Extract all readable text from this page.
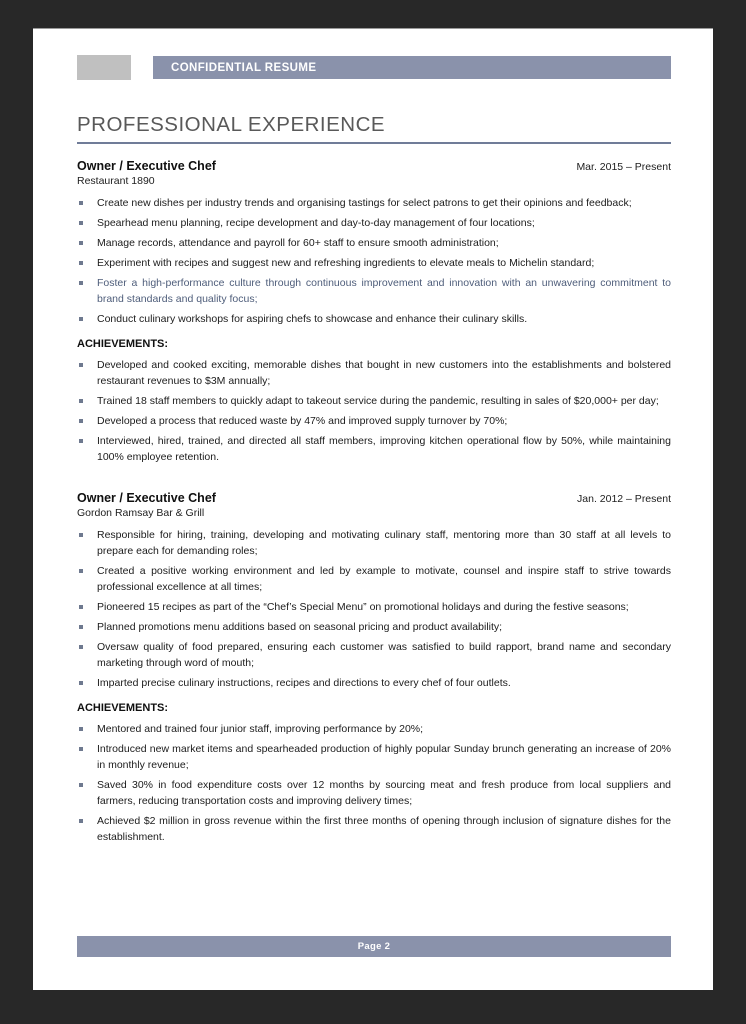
CONFIDENTIAL RESUME
PROFESSIONAL EXPERIENCE
Owner / Executive Chef	Mar. 2015 – Present
Restaurant 1890
Create new dishes per industry trends and organising tastings for select patrons to get their opinions and feedback;
Spearhead menu planning, recipe development and day-to-day management of four locations;
Manage records, attendance and payroll for 60+ staff to ensure smooth administration;
Experiment with recipes and suggest new and refreshing ingredients to elevate meals to Michelin standard;
Foster a high-performance culture through continuous improvement and innovation with an unwavering commitment to brand standards and quality focus;
Conduct culinary workshops for aspiring chefs to showcase and enhance their culinary skills.
ACHIEVEMENTS:
Developed and cooked exciting, memorable dishes that bought in new customers into the establishments and bolstered restaurant revenues to $3M annually;
Trained 18 staff members to quickly adapt to takeout service during the pandemic, resulting in sales of $20,000+ per day;
Developed a process that reduced waste by 47% and improved supply turnover by 70%;
Interviewed, hired, trained, and directed all staff members, improving kitchen operational flow by 50%, while maintaining 100% employee retention.
Owner / Executive Chef	Jan. 2012 – Present
Gordon Ramsay Bar & Grill
Responsible for hiring, training, developing and motivating culinary staff, mentoring more than 30 staff at all levels to prepare each for demanding roles;
Created a positive working environment and led by example to motivate, counsel and inspire staff to strive towards professional excellence at all times;
Pioneered 15 recipes as part of the “Chef’s Special Menu” on promotional holidays and during the festive seasons;
Planned promotions menu additions based on seasonal pricing and product availability;
Oversaw quality of food prepared, ensuring each customer was satisfied to build rapport, brand name and secondary marketing through word of mouth;
Imparted precise culinary instructions, recipes and directions to every chef of four outlets.
ACHIEVEMENTS:
Mentored and trained four junior staff, improving performance by 20%;
Introduced new market items and spearheaded production of highly popular Sunday brunch generating an increase of 20% in monthly revenue;
Saved 30% in food expenditure costs over 12 months by sourcing meat and fresh produce from local suppliers and farmers, reducing transportation costs and improving delivery times;
Achieved $2 million in gross revenue within the first three months of opening through inclusion of signature dishes for the establishment.
Page 2
